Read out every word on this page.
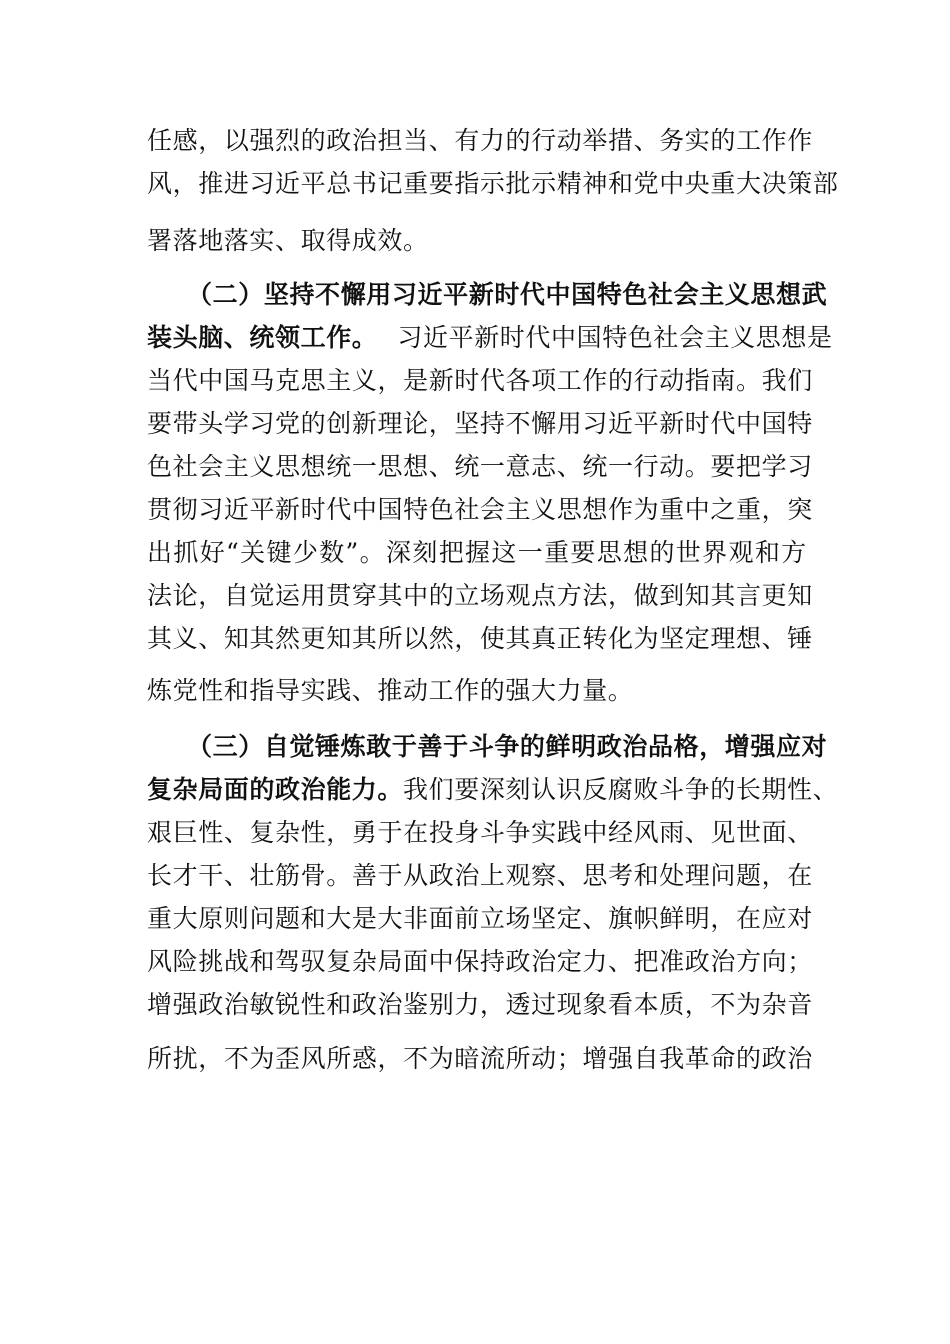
任 感 ， 以 强 烈 的 政 治 担 当 、 有 力 的 行 动 举 措 、 务 实 的 工 作 作
风 ， 推 进 习 近 平 总 书 记 重 要 指 示 批 示 精 神 和 党 中 央 重 大 决 策 部
署落地落实、取得成效。
（ 二 ） 坚 持 不 懈 用 习 近 平 新 时 代 中 国 特 色 社 会 主 义 思 想 武
装头脑、统领工作。 习近平新时代中国特色社会主义思想是
当 代 中 国 马 克 思 主 义 ， 是 新 时 代 各 项 工 作 的 行 动 指 南 。 我 们
要 带 头 学 习 党 的 创 新 理 论 ， 坚 持 不 懈 用 习 近 平 新 时 代 中 国 特
色 社 会 主 义 思 想 统 一 思 想 、 统 一 意 志 、 统 一 行 动 。 要 把 学 习
贯 彻 习 近 平 新 时 代 中 国 特 色 社 会 主 义 思 想 作 为 重 中 之 重 ， 突
出 抓 好 “ 关 键 少 数 ” 。 深 刻 把 握 这 一 重 要 思 想 的 世 界 观 和 方
法 论 ， 自 觉 运 用 贯 穿 其 中 的 立 场 观 点 方 法 ， 做 到 知 其 言 更 知
其 义 、 知 其 然 更 知 其 所 以 然 ， 使 其 真 正 转 化 为 坚 定 理 想 、 锤
炼党性和指导实践、推动工作的强大力量。
（ 三 ） 自 觉 锤 炼 敢 于 善 于 斗 争 的 鲜 明 政 治 品 格 ， 增 强 应 对
复杂局面的政治能力。 我们要深刻认识反腐败斗争的长期性、
艰 巨 性 、 复 杂 性 ， 勇 于 在 投 身 斗 争 实 践 中 经 风 雨 、 见 世 面 、
长 才 干 、 壮 筋 骨 。 善 于 从 政 治 上 观 察 、 思 考 和 处 理 问 题 ， 在
重 大 原 则 问 题 和 大 是 大 非 面 前 立 场 坚 定 、 旗 帜 鲜 明 ， 在 应 对
风 险 挑 战 和 驾 驭 复 杂 局 面 中 保 持 政 治 定 力 、 把 准 政 治 方 向 ；
增 强 政 治 敏 锐 性 和 政 治 鉴 别 力 ， 透 过 现 象 看 本 质 ， 不 为 杂 音
所 扰 ， 不 为 歪 风 所 惑 ， 不 为 暗 流 所 动 ； 增 强 自 我 革 命 的 政 治
